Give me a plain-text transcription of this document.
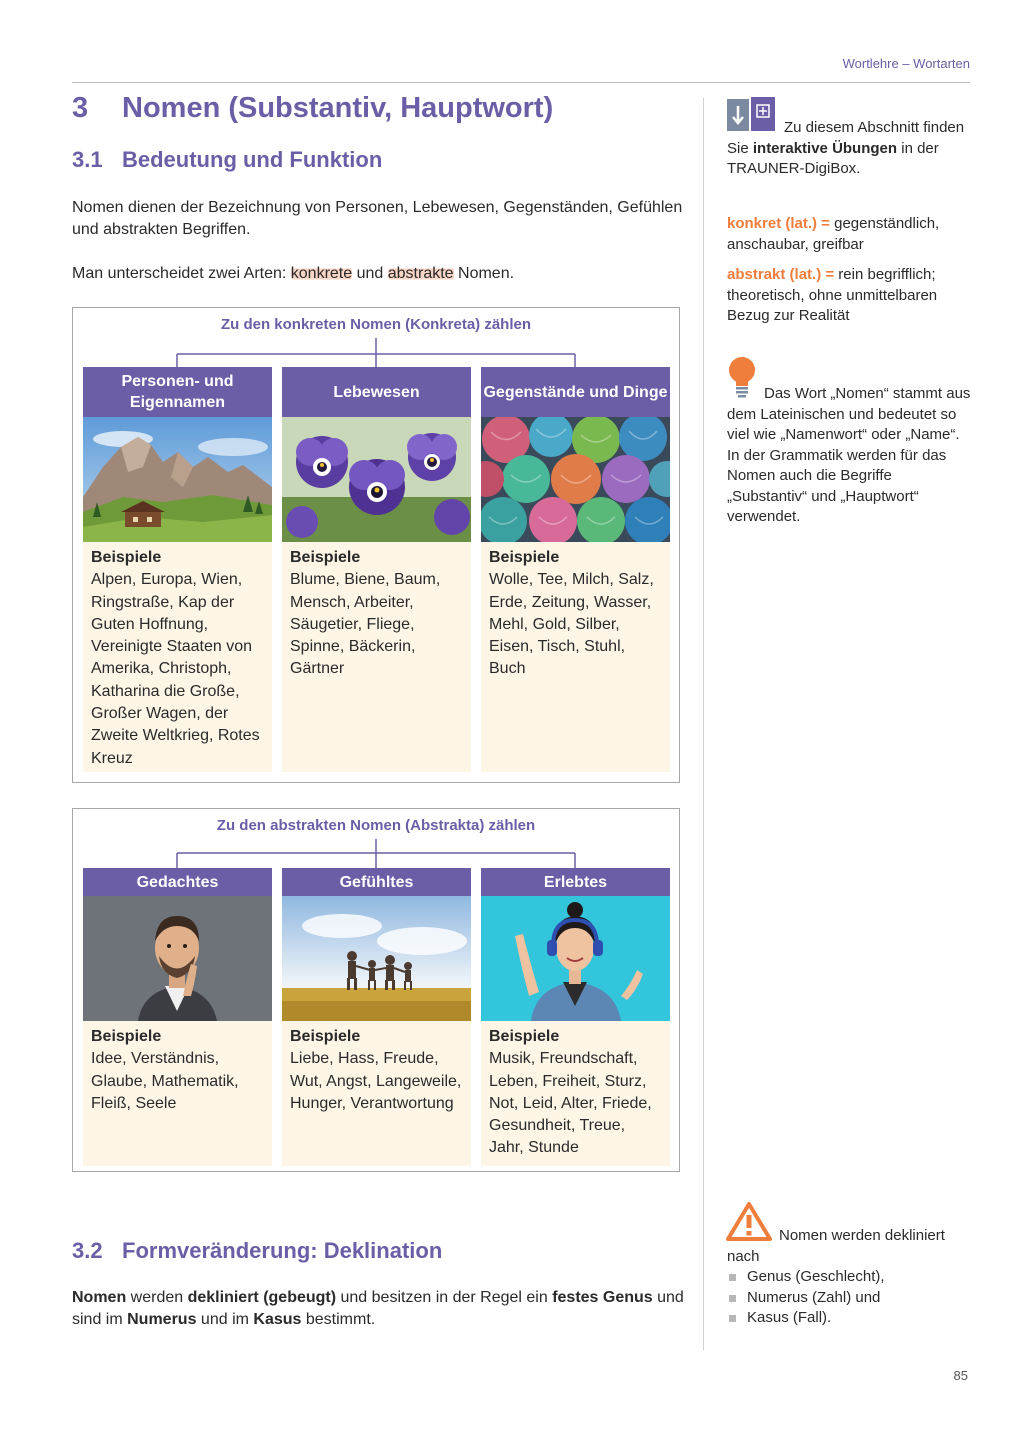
Wortlehre – Wortarten
3 Nomen (Substantiv, Hauptwort)
3.1 Bedeutung und Funktion
Nomen dienen der Bezeichnung von Personen, Lebewesen, Gegenständen, Gefühlen und abstrakten Begriffen.
Man unterscheidet zwei Arten: konkrete und abstrakte Nomen.
Zu den konkreten Nomen (Konkreta) zählen
Personen- und Eigennamen
Beispiele
Alpen, Europa, Wien, Ringstraße, Kap der Guten Hoffnung, Vereinigte Staaten von Amerika, Christoph, Katharina die Große, Großer Wagen, der Zweite Weltkrieg, Rotes Kreuz
Lebewesen
Beispiele
Blume, Biene, Baum, Mensch, Arbeiter, Säugetier, Fliege, Spinne, Bäckerin, Gärtner
Gegenstände und Dinge
Beispiele
Wolle, Tee, Milch, Salz, Erde, Zeitung, Wasser, Mehl, Gold, Silber, Eisen, Tisch, Stuhl, Buch
Zu den abstrakten Nomen (Abstrakta) zählen
Gedachtes
Beispiele
Idee, Verständnis, Glaube, Mathematik, Fleiß, Seele
Gefühltes
Beispiele
Liebe, Hass, Freude, Wut, Angst, Langeweile, Hunger, Verantwortung
Erlebtes
Beispiele
Musik, Freundschaft, Leben, Freiheit, Sturz, Not, Leid, Alter, Friede, Gesundheit, Treue, Jahr, Stunde
3.2 Formveränderung: Deklination
Nomen werden dekliniert (gebeugt) und besitzen in der Regel ein festes Genus und sind im Numerus und im Kasus bestimmt.
Zu diesem Abschnitt finden Sie interaktive Übungen in der TRAUNER-DigiBox.
konkret (lat.) = gegenständlich, anschaubar, greifbar
abstrakt (lat.) = rein begrifflich; theoretisch, ohne unmittelbaren Bezug zur Realität
Das Wort „Nomen“ stammt aus dem Lateinischen und bedeutet so viel wie „Namenwort“ oder „Name“. In der Grammatik werden für das Nomen auch die Begriffe „Substantiv“ und „Hauptwort“ verwendet.
Nomen werden dekliniert nach
Genus (Geschlecht),
Numerus (Zahl) und
Kasus (Fall).
85
